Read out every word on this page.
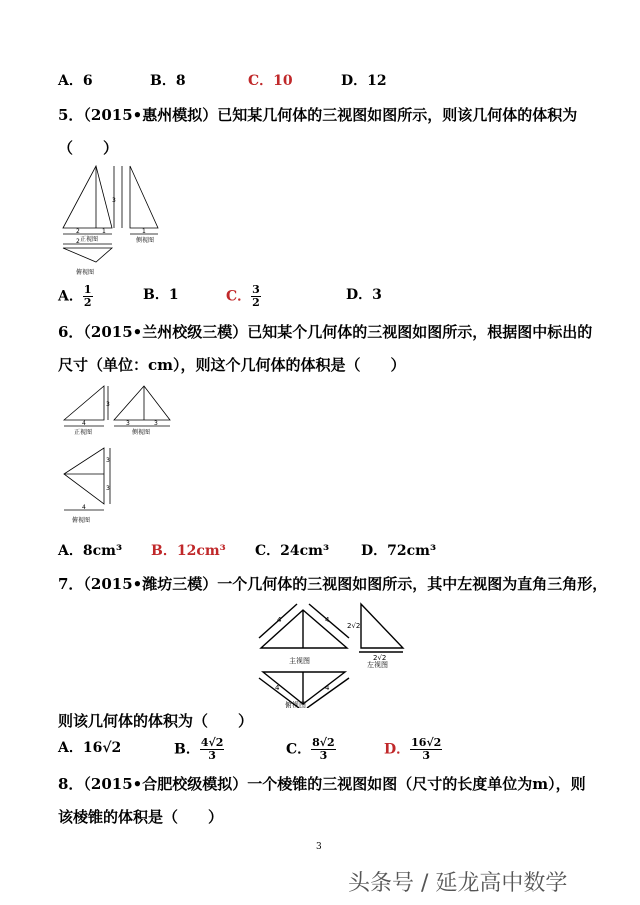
A．6	B．8	C．10	D．12
5．（2015•惠州模拟）已知某几何体的三视图如图所示，则该几何体的体积为
（　　）
3
2	1	1
2 正视图	侧视图
俯视图
A． $\frac{1}{2}$	B．1	C． $\frac{3}{2}$	D．3
6．（2015•兰州校级三模）已知某个几何体的三视图如图所示，根据图中标出的
尺寸（单位：cm），则这个几何体的体积是（　　）
3
4	3	3
正视图	侧视图
3
3
4
俯视图
A．8cm³ B．12cm³ C．24cm³ D．72cm³
7．（2015•潍坊三模）一个几何体的三视图如图所示，其中左视图为直角三角形，
4	4
2√2
2√2
主视图	左视图
4	4
俯视图
则该几何体的体积为（　　）
A．16√2	B． $\frac{4√2}{3}$	C． $\frac{8√2}{3}$	D． $\frac{16√2}{3}$
8．（2015•合肥校级模拟）一个棱锥的三视图如图（尺寸的长度单位为m），则
该棱锥的体积是（　　）
3
头条号 / 延龙高中数学
